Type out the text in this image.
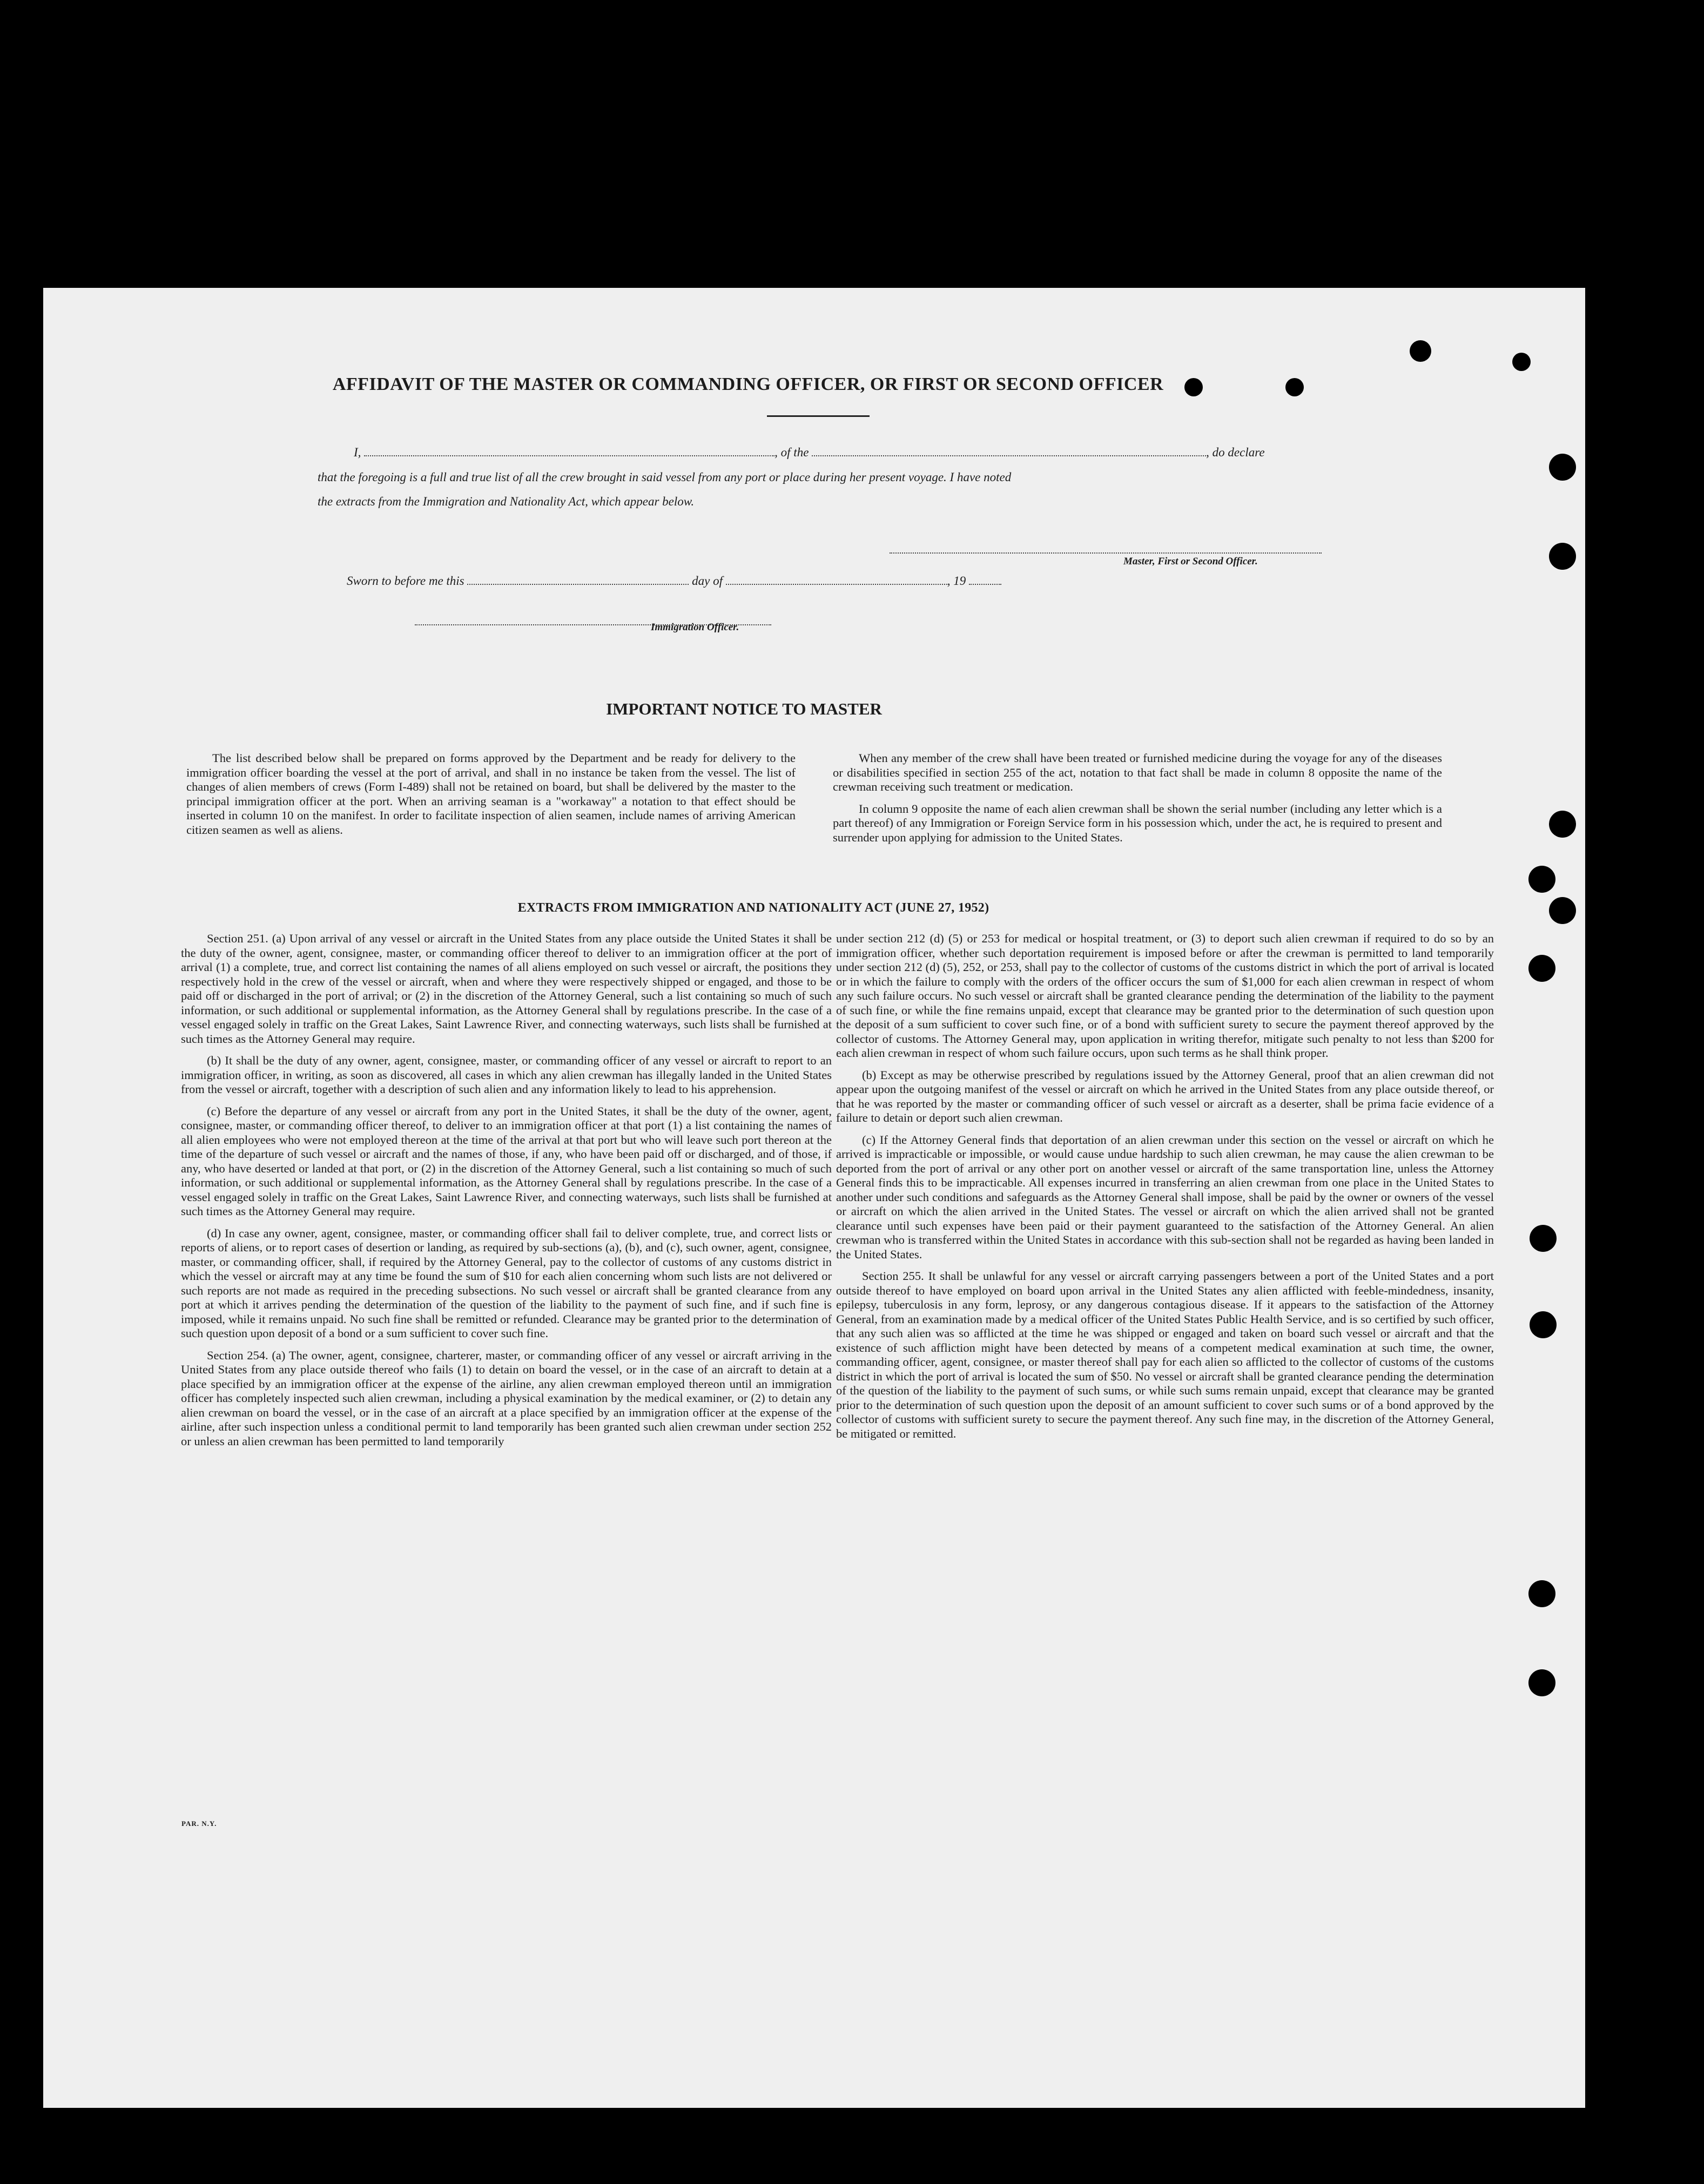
AFFIDAVIT OF THE MASTER OR COMMANDING OFFICER, OR FIRST OR SECOND OFFICER
I,	, of the	, do declare
that the foregoing is a full and true list of all the crew brought in said vessel from any port or place during her present voyage. I have noted
the extracts from the Immigration and Nationality Act, which appear below.
Master, First or Second Officer.
Sworn to before me this	day of	, 19
Immigration Officer.
IMPORTANT NOTICE TO MASTER

The list described below shall be prepared on forms approved by the Department and be ready for delivery to the immigration officer boarding the vessel at the port of arrival, and shall in no instance be taken from the vessel. The list of changes of alien members of crews (Form I-489) shall not be retained on board, but shall be delivered by the master to the principal immigration officer at the port. When an arriving seaman is a "workaway" a notation to that effect should be inserted in column 10 on the manifest. In order to facilitate inspection of alien seamen, include names of arriving American citizen seamen as well as aliens.

When any member of the crew shall have been treated or furnished medicine during the voyage for any of the diseases or disabilities specified in section 255 of the act, notation to that fact shall be made in column 8 opposite the name of the crewman receiving such treatment or medication.

In column 9 opposite the name of each alien crewman shall be shown the serial number (including any letter which is a part thereof) of any Immigration or Foreign Service form in his possession which, under the act, he is required to present and surrender upon applying for admission to the United States.

EXTRACTS FROM IMMIGRATION AND NATIONALITY ACT (JUNE 27, 1952)

Section 251. (a) Upon arrival of any vessel or aircraft in the United States from any place outside the United States it shall be the duty of the owner, agent, consignee, master, or commanding officer thereof to deliver to an immigration officer at the port of arrival (1) a complete, true, and correct list containing the names of all aliens employed on such vessel or aircraft, the positions they respectively hold in the crew of the vessel or aircraft, when and where they were respectively shipped or engaged, and those to be paid off or discharged in the port of arrival; or (2) in the discretion of the Attorney General, such a list containing so much of such information, or such additional or supplemental information, as the Attorney General shall by regulations prescribe. In the case of a vessel engaged solely in traffic on the Great Lakes, Saint Lawrence River, and connecting waterways, such lists shall be furnished at such times as the Attorney General may require.

(b) It shall be the duty of any owner, agent, consignee, master, or commanding officer of any vessel or aircraft to report to an immigration officer, in writing, as soon as discovered, all cases in which any alien crewman has illegally landed in the United States from the vessel or aircraft, together with a description of such alien and any information likely to lead to his apprehension.

(c) Before the departure of any vessel or aircraft from any port in the United States, it shall be the duty of the owner, agent, consignee, master, or commanding officer thereof, to deliver to an immigration officer at that port (1) a list containing the names of all alien employees who were not employed thereon at the time of the arrival at that port but who will leave such port thereon at the time of the departure of such vessel or aircraft and the names of those, if any, who have been paid off or discharged, and of those, if any, who have deserted or landed at that port, or (2) in the discretion of the Attorney General, such a list containing so much of such information, or such additional or supplemental information, as the Attorney General shall by regulations prescribe. In the case of a vessel engaged solely in traffic on the Great Lakes, Saint Lawrence River, and connecting waterways, such lists shall be furnished at such times as the Attorney General may require.

(d) In case any owner, agent, consignee, master, or commanding officer shall fail to deliver complete, true, and correct lists or reports of aliens, or to report cases of desertion or landing, as required by sub-sections (a), (b), and (c), such owner, agent, consignee, master, or commanding officer, shall, if required by the Attorney General, pay to the collector of customs of any customs district in which the vessel or aircraft may at any time be found the sum of $10 for each alien concerning whom such lists are not delivered or such reports are not made as required in the preceding subsections. No such vessel or aircraft shall be granted clearance from any port at which it arrives pending the determination of the question of the liability to the payment of such fine, and if such fine is imposed, while it remains unpaid. No such fine shall be remitted or refunded. Clearance may be granted prior to the determination of such question upon deposit of a bond or a sum sufficient to cover such fine.

Section 254. (a) The owner, agent, consignee, charterer, master, or commanding officer of any vessel or aircraft arriving in the United States from any place outside thereof who fails (1) to detain on board the vessel, or in the case of an aircraft to detain at a place specified by an immigration officer at the expense of the airline, any alien crewman employed thereon until an immigration officer has completely inspected such alien crewman, including a physical examination by the medical examiner, or (2) to detain any alien crewman on board the vessel, or in the case of an aircraft at a place specified by an immigration officer at the expense of the airline, after such inspection unless a conditional permit to land temporarily has been granted such alien crewman under section 252 or unless an alien crewman has been permitted to land temporarily

under section 212 (d) (5) or 253 for medical or hospital treatment, or (3) to deport such alien crewman if required to do so by an immigration officer, whether such deportation requirement is imposed before or after the crewman is permitted to land temporarily under section 212 (d) (5), 252, or 253, shall pay to the collector of customs of the customs district in which the port of arrival is located or in which the failure to comply with the orders of the officer occurs the sum of $1,000 for each alien crewman in respect of whom any such failure occurs. No such vessel or aircraft shall be granted clearance pending the determination of the liability to the payment of such fine, or while the fine remains unpaid, except that clearance may be granted prior to the determination of such question upon the deposit of a sum sufficient to cover such fine, or of a bond with sufficient surety to secure the payment thereof approved by the collector of customs. The Attorney General may, upon application in writing therefor, mitigate such penalty to not less than $200 for each alien crewman in respect of whom such failure occurs, upon such terms as he shall think proper.

(b) Except as may be otherwise prescribed by regulations issued by the Attorney General, proof that an alien crewman did not appear upon the outgoing manifest of the vessel or aircraft on which he arrived in the United States from any place outside thereof, or that he was reported by the master or commanding officer of such vessel or aircraft as a deserter, shall be prima facie evidence of a failure to detain or deport such alien crewman.

(c) If the Attorney General finds that deportation of an alien crewman under this section on the vessel or aircraft on which he arrived is impracticable or impossible, or would cause undue hardship to such alien crewman, he may cause the alien crewman to be deported from the port of arrival or any other port on another vessel or aircraft of the same transportation line, unless the Attorney General finds this to be impracticable. All expenses incurred in transferring an alien crewman from one place in the United States to another under such conditions and safeguards as the Attorney General shall impose, shall be paid by the owner or owners of the vessel or aircraft on which the alien arrived in the United States. The vessel or aircraft on which the alien arrived shall not be granted clearance until such expenses have been paid or their payment guaranteed to the satisfaction of the Attorney General. An alien crewman who is transferred within the United States in accordance with this sub-section shall not be regarded as having been landed in the United States.

Section 255. It shall be unlawful for any vessel or aircraft carrying passengers between a port of the United States and a port outside thereof to have employed on board upon arrival in the United States any alien afflicted with feeble-mindedness, insanity, epilepsy, tuberculosis in any form, leprosy, or any dangerous contagious disease. If it appears to the satisfaction of the Attorney General, from an examination made by a medical officer of the United States Public Health Service, and is so certified by such officer, that any such alien was so afflicted at the time he was shipped or engaged and taken on board such vessel or aircraft and that the existence of such affliction might have been detected by means of a competent medical examination at such time, the owner, commanding officer, agent, consignee, or master thereof shall pay for each alien so afflicted to the collector of customs of the customs district in which the port of arrival is located the sum of $50. No vessel or aircraft shall be granted clearance pending the determination of the question of the liability to the payment of such sums, or while such sums remain unpaid, except that clearance may be granted prior to the determination of such question upon the deposit of an amount sufficient to cover such sums or of a bond approved by the collector of customs with sufficient surety to secure the payment thereof. Any such fine may, in the discretion of the Attorney General, be mitigated or remitted.

PAR. N.Y.
